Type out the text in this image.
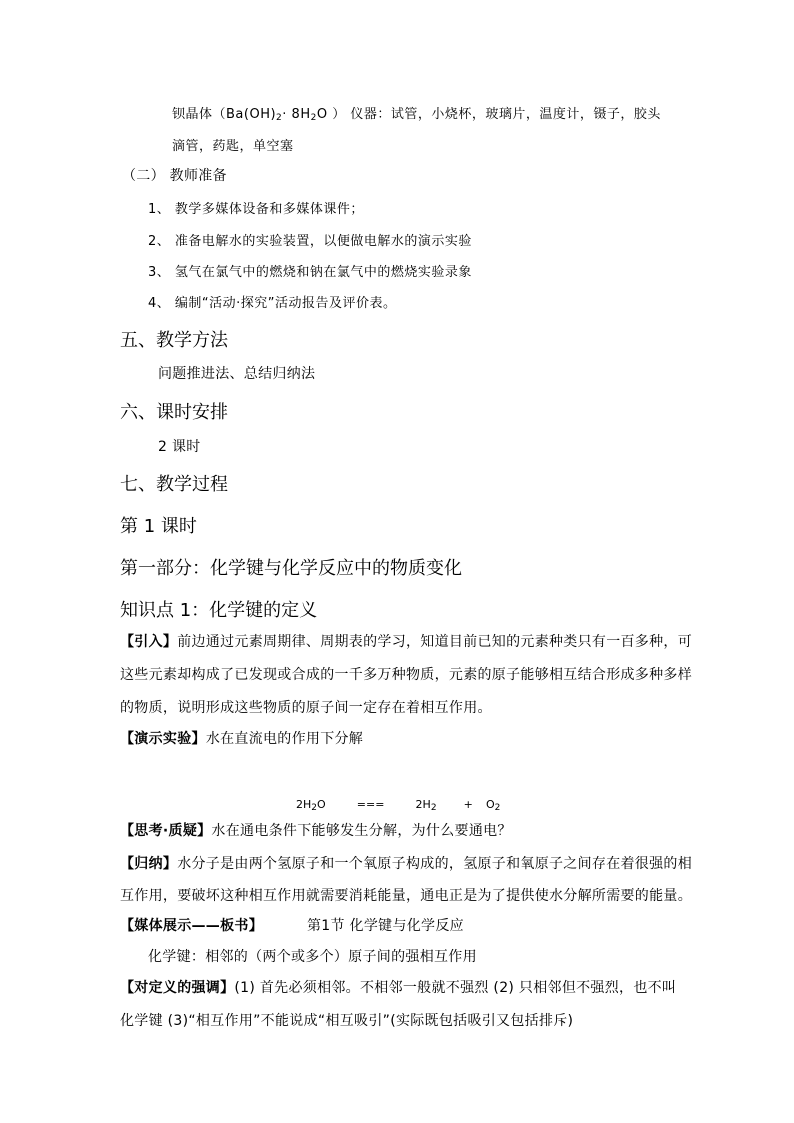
钡晶体（$Ba(OH)_2\cdot 8H_2O$ ） 仪器：试管，小烧杯，玻璃片，温度计，镊子，胶头
滴管，药匙，单空塞
（二） 教师准备
1、 教学多媒体设备和多媒体课件；
2、 准备电解水的实验装置，以便做电解水的演示实验
3、 氢气在氯气中的燃烧和钠在氯气中的燃烧实验录象
4、 编制“活动·探究”活动报告及评价表。
五、教学方法
问题推进法、总结归纳法
六、课时安排
2 课时
七、教学过程
第 1 课时
第一部分：化学键与化学反应中的物质变化
知识点 1：化学键的定义
【引入】前边通过元素周期律、周期表的学习，知道目前已知的元素种类只有一百多种，可
这些元素却构成了已发现或合成的一千多万种物质，元素的原子能够相互结合形成多种多样
的物质，说明形成这些物质的原子间一定存在着相互作用。
【演示实验】水在直流电的作用下分解
$2H_2O$	===	$2H_2 + O_2$
【思考·质疑】水在通电条件下能够发生分解，为什么要通电？
【归纳】水分子是由两个氢原子和一个氧原子构成的，氢原子和氧原子之间存在着很强的相
互作用，要破坏这种相互作用就需要消耗能量，通电正是为了提供使水分解所需要的能量。
【媒体展示——板书】	第1节 化学键与化学反应
化学键：相邻的（两个或多个）原子间的强相互作用
【对定义的强调】(1) 首先必须相邻。不相邻一般就不强烈 (2) 只相邻但不强烈，也不叫
化学键 (3)“相互作用”不能说成“相互吸引”(实际既包括吸引又包括排斥)
